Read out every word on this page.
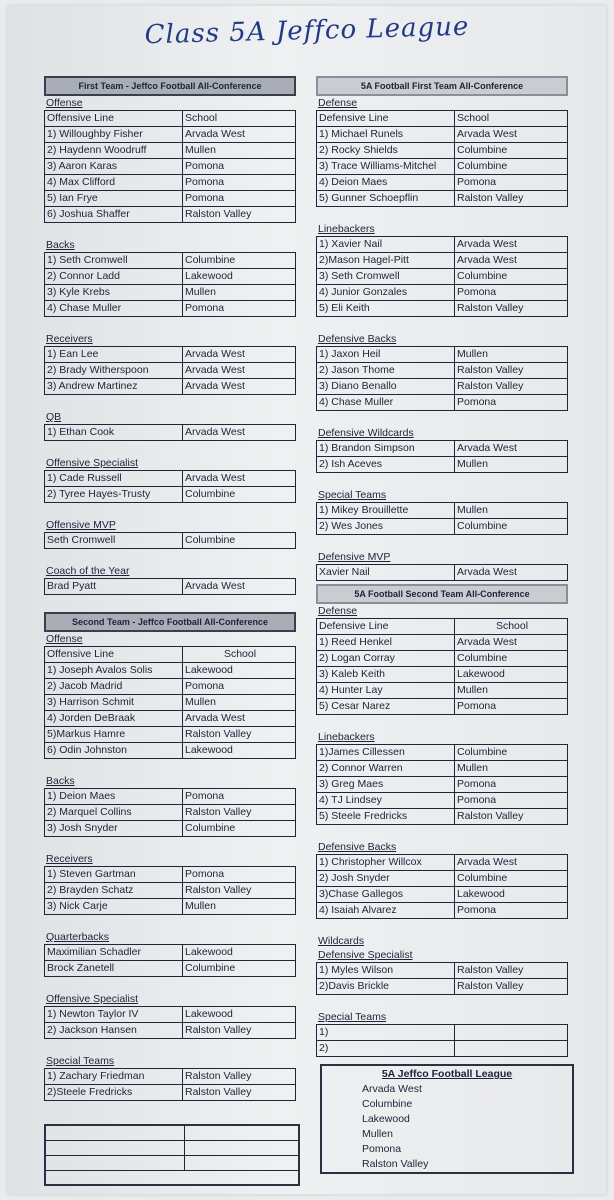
Class 5A Jeffco League
First Team - Jeffco Football All-Conference
Offense
Offensive Line	School
1) Willoughby Fisher	Arvada West
2) Haydenn Woodruff	Mullen
3) Aaron Karas	Pomona
4) Max Clifford	Pomona
5) Ian Frye	Pomona
6) Joshua Shaffer	Ralston Valley
Backs
1) Seth Cromwell	Columbine
2) Connor Ladd	Lakewood
3) Kyle Krebs	Mullen
4) Chase Muller	Pomona
Receivers
1) Ean Lee	Arvada West
2) Brady Witherspoon	Arvada West
3) Andrew Martinez	Arvada West
QB
1) Ethan Cook	Arvada West
Offensive Specialist
1) Cade Russell	Arvada West
2) Tyree Hayes-Trusty	Columbine
Offensive MVP
Seth Cromwell	Columbine
Coach of the Year
Brad Pyatt	Arvada West
Second Team - Jeffco Football All-Conference
Offense
Offensive Line	School
1) Joseph Avalos Solis	Lakewood
2) Jacob Madrid	Pomona
3) Harrison Schmit	Mullen
4) Jorden DeBraak	Arvada West
5)Markus Hamre	Ralston Valley
6) Odin Johnston	Lakewood
Backs
1) Deion Maes	Pomona
2) Marquel Collins	Ralston Valley
3) Josh Snyder	Columbine
Receivers
1) Steven Gartman	Pomona
2) Brayden Schatz	Ralston Valley
3) Nick Carje	Mullen
Quarterbacks
Maximilian Schadler	Lakewood
Brock Zanetell	Columbine
Offensive Specialist
1) Newton Taylor IV	Lakewood
2) Jackson Hansen	Ralston Valley
Special Teams
1) Zachary Friedman	Ralston Valley
2)Steele Fredricks	Ralston Valley
5A Football First Team All-Conference
Defense
Defensive Line	School
1) Michael Runels	Arvada West
2) Rocky Shields	Columbine
3) Trace Williams-Mitchel	Columbine
4) Deion Maes	Pomona
5) Gunner Schoepflin	Ralston Valley
Linebackers
1) Xavier Nail	Arvada West
2)Mason Hagel-Pitt	Arvada West
3) Seth Cromwell	Columbine
4) Junior Gonzales	Pomona
5) Eli Keith	Ralston Valley
Defensive Backs
1) Jaxon Heil	Mullen
2) Jason Thome	Ralston Valley
3) Diano Benallo	Ralston Valley
4) Chase Muller	Pomona
Defensive Wildcards
1) Brandon Simpson	Arvada West
2) Ish Aceves	Mullen
Special Teams
1) Mikey Brouillette	Mullen
2) Wes Jones	Columbine
Defensive MVP
Xavier Nail	Arvada West
5A Football Second Team All-Conference
Defense
Defensive Line	School
1) Reed Henkel	Arvada West
2) Logan Corray	Columbine
3) Kaleb Keith	Lakewood
4) Hunter Lay	Mullen
5) Cesar Narez	Pomona
Linebackers
1)James Cillessen	Columbine
2) Connor Warren	Mullen
3) Greg Maes	Pomona
4) TJ Lindsey	Pomona
5) Steele Fredricks	Ralston Valley
Defensive Backs
1) Christopher Willcox	Arvada West
2) Josh Snyder	Columbine
3)Chase Gallegos	Lakewood
4) Isaiah Alvarez	Pomona
Wildcards
Defensive Specialist
1) Myles Wilson	Ralston Valley
2)Davis Brickle	Ralston Valley
Special Teams
1)
2)
5A Jeffco Football League
Arvada West
Columbine
Lakewood
Mullen
Pomona
Ralston Valley
